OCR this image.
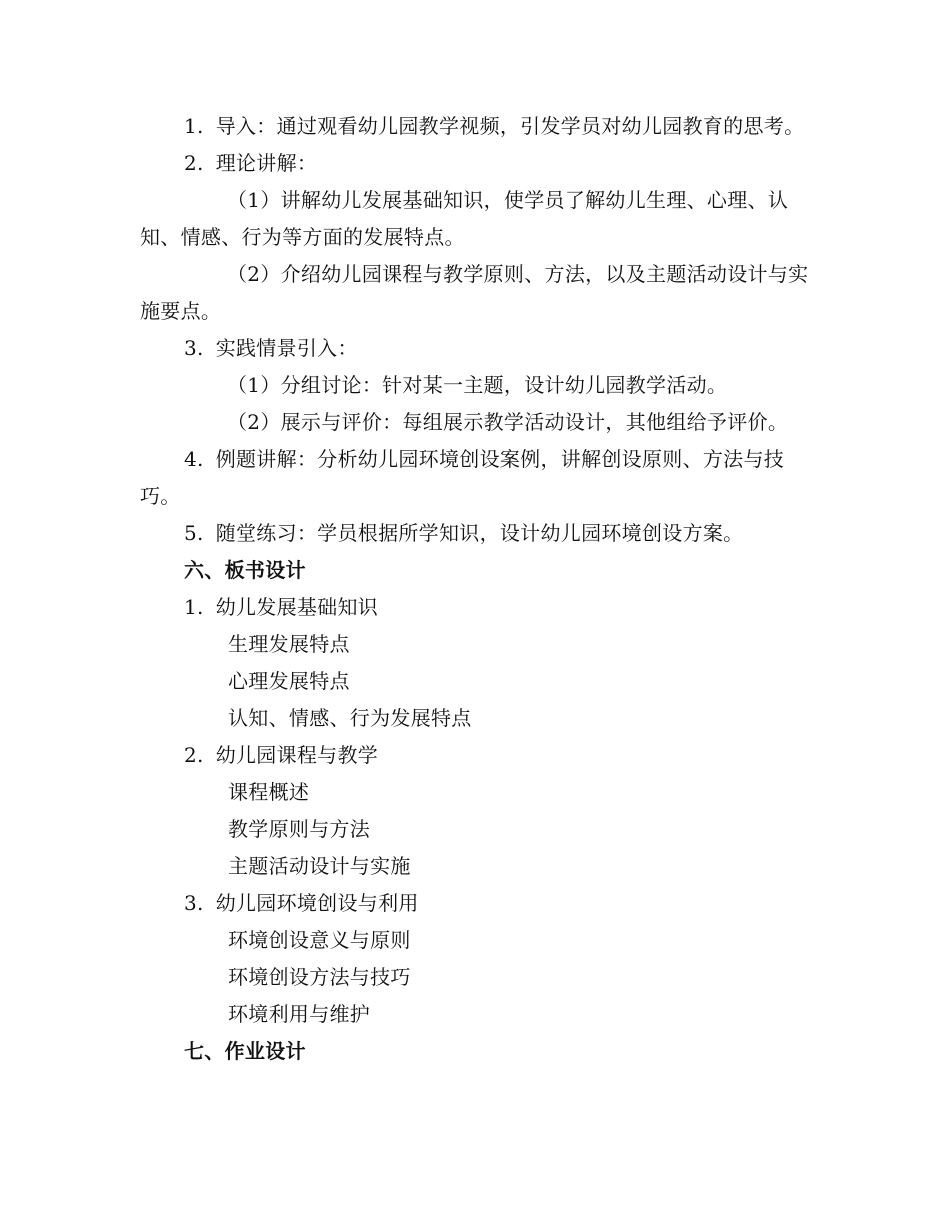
1. 导入：通过观看幼儿园教学视频，引发学员对幼儿园教育的思考。

2. 理论讲解：

（1）讲解幼儿发展基础知识，使学员了解幼儿生理、心理、认知、情感、行为等方面的发展特点。

（2）介绍幼儿园课程与教学原则、方法，以及主题活动设计与实施要点。

3. 实践情景引入：

（1）分组讨论：针对某一主题，设计幼儿园教学活动。

（2）展示与评价：每组展示教学活动设计，其他组给予评价。

4. 例题讲解：分析幼儿园环境创设案例，讲解创设原则、方法与技巧。

5. 随堂练习：学员根据所学知识，设计幼儿园环境创设方案。

六、板书设计

1. 幼儿发展基础知识

生理发展特点

心理发展特点

认知、情感、行为发展特点

2. 幼儿园课程与教学

课程概述

教学原则与方法

主题活动设计与实施

3. 幼儿园环境创设与利用

环境创设意义与原则

环境创设方法与技巧

环境利用与维护

七、作业设计
